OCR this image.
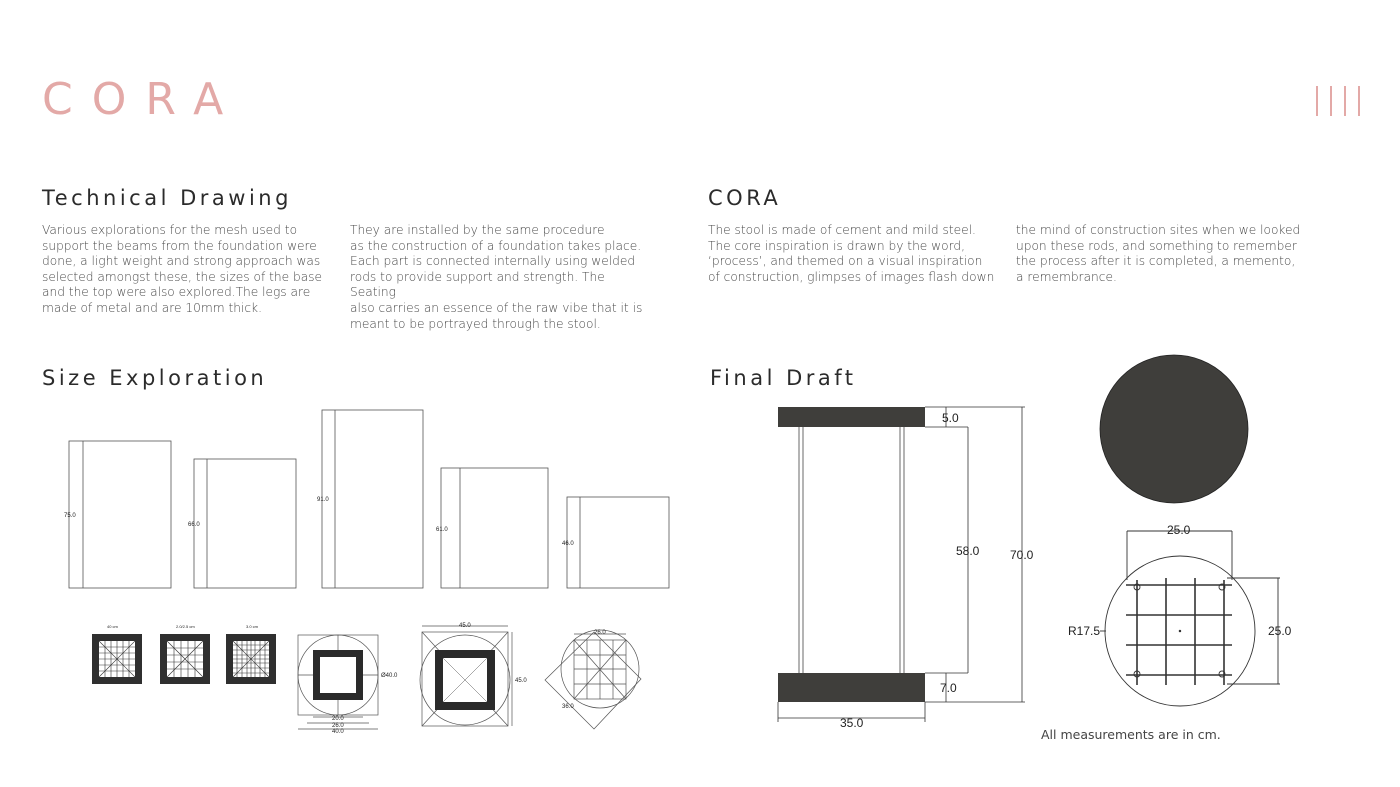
CORA
Technical Drawing
Various explorations for the mesh used to
support the beams from the foundation were
done, a light weight and strong approach was
selected amongst these, the sizes of the base
and the top were also explored.The legs are
made of metal and are 10mm thick.
They are installed by the same procedure
as the construction of a foundation takes place.
Each part is connected internally using welded
rods to provide support and strength. The Seating
also carries an essence of the raw vibe that it is
meant to be portrayed through the stool.
CORA
The stool is made of cement and mild steel.
The core inspiration is drawn by the word,
‘process’, and themed on a visual inspiration
of construction, glimpses of images flash down
the mind of construction sites when we looked
upon these rods, and something to remember
the process after it is completed, a memento,
a remembrance.
Size Exploration	Final Draft
75.0
66.0
91.0
61.0
46.0
40 cm	2.0/2.5 cm	3.0 cm
Ø40.0
20.0
26.0
40.0
45.0
45.0
26.0
36.0
5.0
58.0	70.0
7.0
35.0
25.0
R17.5	25.0
All measurements are in cm.
